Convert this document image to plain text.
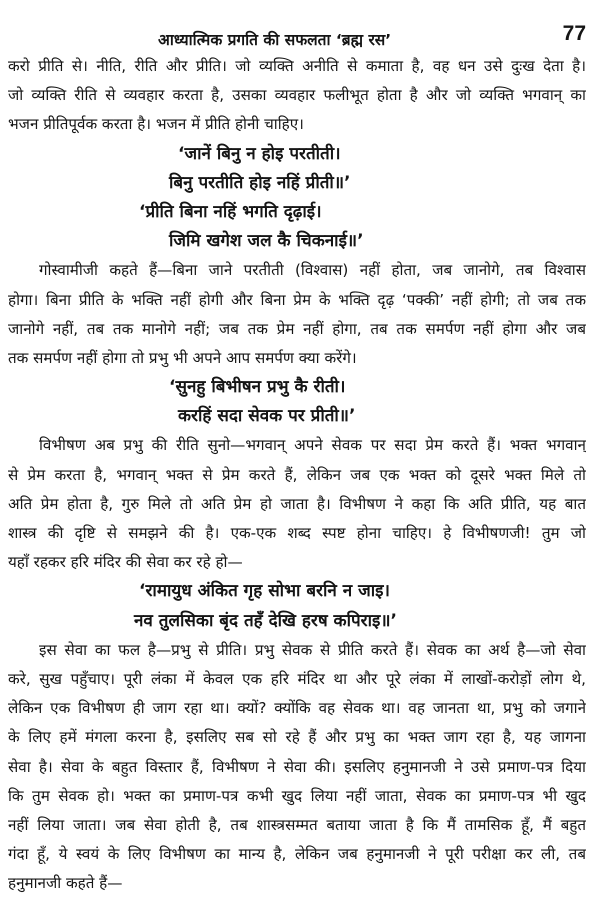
आध्यात्मिक प्रगति की सफलता ‘ब्रह्म रस’	77
करो प्रीति से। नीति, रीति और प्रीति। जो व्यक्ति अनीति से कमाता है, वह धन उसे दुःख देता है।
जो व्यक्ति रीति से व्यवहार करता है, उसका व्यवहार फलीभूत होता है और जो व्यक्ति भगवान् का
भजन प्रीतिपूर्वक करता है। भजन में प्रीति होनी चाहिए।
‘जानें बिनु न होइ परतीती।
बिनु परतीति होइ नहिं प्रीती॥’
‘प्रीति बिना नहिं भगति दृढ़ाई।
जिमि खगेश जल कै चिकनाई॥’
गोस्वामीजी कहते हैं—बिना जाने परतीती (विश्वास) नहीं होता, जब जानोगे, तब विश्वास
होगा। बिना प्रीति के भक्ति नहीं होगी और बिना प्रेम के भक्ति दृढ़ ‘पक्की’ नहीं होगी; तो जब तक
जानोगे नहीं, तब तक मानोगे नहीं; जब तक प्रेम नहीं होगा, तब तक समर्पण नहीं होगा और जब
तक समर्पण नहीं होगा तो प्रभु भी अपने आप समर्पण क्या करेंगे।
‘सुनहु बिभीषन प्रभु कै रीती।
करहिं सदा सेवक पर प्रीती॥’
विभीषण अब प्रभु की रीति सुनो—भगवान् अपने सेवक पर सदा प्रेम करते हैं। भक्त भगवान्
से प्रेम करता है, भगवान् भक्त से प्रेम करते हैं, लेकिन जब एक भक्त को दूसरे भक्त मिले तो
अति प्रेम होता है, गुरु मिले तो अति प्रेम हो जाता है। विभीषण ने कहा कि अति प्रीति, यह बात
शास्त्र की दृष्टि से समझने की है। एक-एक शब्द स्पष्ट होना चाहिए। हे विभीषणजी! तुम जो
यहाँ रहकर हरि मंदिर की सेवा कर रहे हो—
‘रामायुध अंकित गृह सोभा बरनि न जाइ।
नव तुलसिका बृंद तहँ देखि हरष कपिराइ॥’
इस सेवा का फल है—प्रभु से प्रीति। प्रभु सेवक से प्रीति करते हैं। सेवक का अर्थ है—जो सेवा
करे, सुख पहुँचाए। पूरी लंका में केवल एक हरि मंदिर था और पूरे लंका में लाखों-करोड़ों लोग थे,
लेकिन एक विभीषण ही जाग रहा था। क्यों? क्योंकि वह सेवक था। वह जानता था, प्रभु को जगाने
के लिए हमें मंगला करना है, इसलिए सब सो रहे हैं और प्रभु का भक्त जाग रहा है, यह जागना
सेवा है। सेवा के बहुत विस्तार हैं, विभीषण ने सेवा की। इसलिए हनुमानजी ने उसे प्रमाण-पत्र दिया
कि तुम सेवक हो। भक्त का प्रमाण-पत्र कभी खुद लिया नहीं जाता, सेवक का प्रमाण-पत्र भी खुद
नहीं लिया जाता। जब सेवा होती है, तब शास्त्रसम्मत बताया जाता है कि मैं तामसिक हूँ, मैं बहुत
गंदा हूँ, ये स्वयं के लिए विभीषण का मान्य है, लेकिन जब हनुमानजी ने पूरी परीक्षा कर ली, तब
हनुमानजी कहते हैं—
